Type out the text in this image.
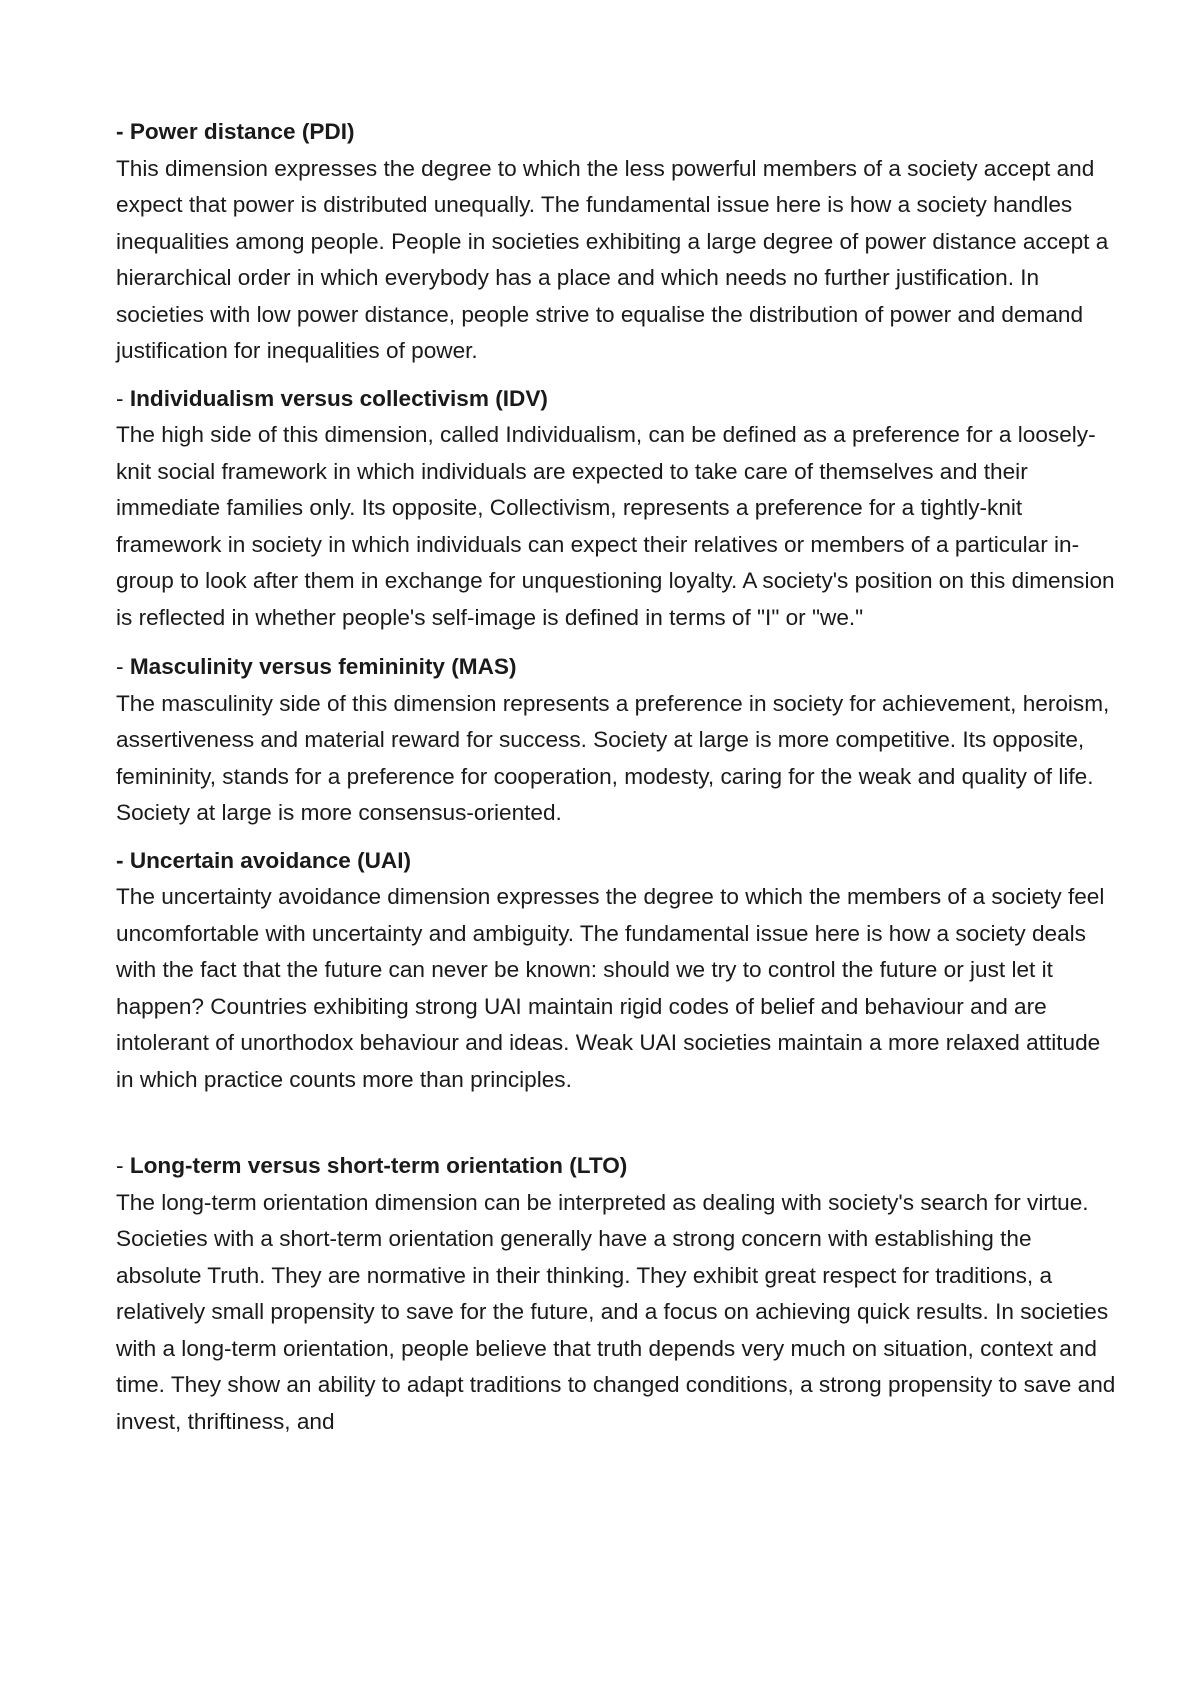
- Power distance (PDI)
This dimension expresses the degree to which the less powerful members of a society accept and expect that power is distributed unequally. The fundamental issue here is how a society handles inequalities among people. People in societies exhibiting a large degree of power distance accept a hierarchical order in which everybody has a place and which needs no further justification. In societies with low power distance, people strive to equalise the distribution of power and demand justification for inequalities of power.
- Individualism versus collectivism (IDV)
The high side of this dimension, called Individualism, can be defined as a preference for a loosely-knit social framework in which individuals are expected to take care of themselves and their immediate families only. Its opposite, Collectivism, represents a preference for a tightly-knit framework in society in which individuals can expect their relatives or members of a particular in-group to look after them in exchange for unquestioning loyalty. A society's position on this dimension is reflected in whether people's self-image is defined in terms of "I" or "we."
- Masculinity versus femininity (MAS)
The masculinity side of this dimension represents a preference in society for achievement, heroism, assertiveness and material reward for success. Society at large is more competitive. Its opposite, femininity, stands for a preference for cooperation, modesty, caring for the weak and quality of life. Society at large is more consensus-oriented.
- Uncertain avoidance (UAI)
The uncertainty avoidance dimension expresses the degree to which the members of a society feel uncomfortable with uncertainty and ambiguity. The fundamental issue here is how a society deals with the fact that the future can never be known: should we try to control the future or just let it happen? Countries exhibiting strong UAI maintain rigid codes of belief and behaviour and are intolerant of unorthodox behaviour and ideas. Weak UAI societies maintain a more relaxed attitude in which practice counts more than principles.
- Long-term versus short-term orientation (LTO)
The long-term orientation dimension can be interpreted as dealing with society's search for virtue. Societies with a short-term orientation generally have a strong concern with establishing the absolute Truth. They are normative in their thinking. They exhibit great respect for traditions, a relatively small propensity to save for the future, and a focus on achieving quick results. In societies with a long-term orientation, people believe that truth depends very much on situation, context and time. They show an ability to adapt traditions to changed conditions, a strong propensity to save and invest, thriftiness, and
